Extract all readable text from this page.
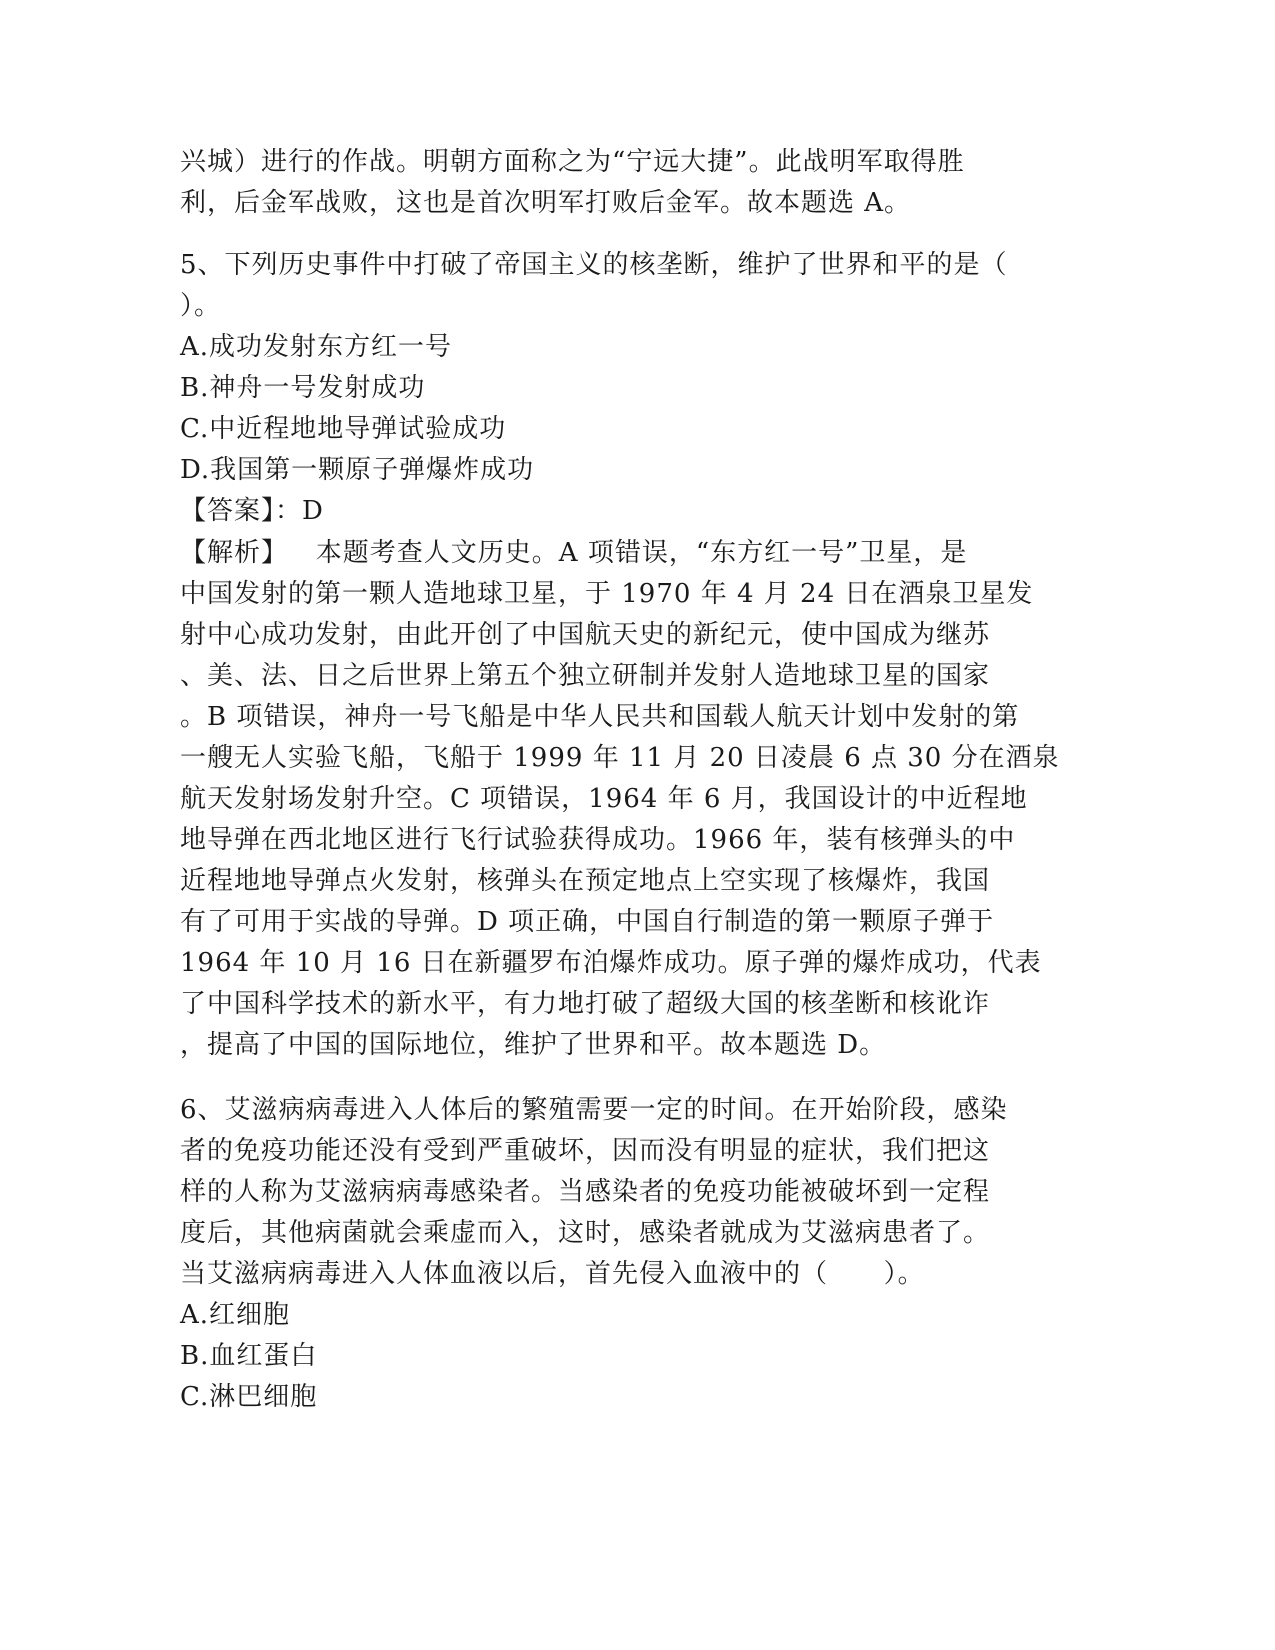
兴城）进行的作战。明朝方面称之为“宁远大捷”。此战明军取得胜
利，后金军战败，这也是首次明军打败后金军。故本题选 A。
5、下列历史事件中打破了帝国主义的核垄断，维护了世界和平的是（
）。
A.成功发射东方红一号
B.神舟一号发射成功
C.中近程地地导弹试验成功
D.我国第一颗原子弹爆炸成功
【答案】：D
【解析】   本题考查人文历史。A 项错误，“东方红一号”卫星，是
中国发射的第一颗人造地球卫星，于 1970 年 4 月 24 日在酒泉卫星发
射中心成功发射，由此开创了中国航天史的新纪元，使中国成为继苏
、美、法、日之后世界上第五个独立研制并发射人造地球卫星的国家
。B 项错误，神舟一号飞船是中华人民共和国载人航天计划中发射的第
一艘无人实验飞船，飞船于 1999 年 11 月 20 日凌晨 6 点 30 分在酒泉
航天发射场发射升空。C 项错误，1964 年 6 月，我国设计的中近程地
地导弹在西北地区进行飞行试验获得成功。1966 年，装有核弹头的中
近程地地导弹点火发射，核弹头在预定地点上空实现了核爆炸，我国
有了可用于实战的导弹。D 项正确，中国自行制造的第一颗原子弹于
1964 年 10 月 16 日在新疆罗布泊爆炸成功。原子弹的爆炸成功，代表
了中国科学技术的新水平，有力地打破了超级大国的核垄断和核讹诈
，提高了中国的国际地位，维护了世界和平。故本题选 D。
6、艾滋病病毒进入人体后的繁殖需要一定的时间。在开始阶段，感染
者的免疫功能还没有受到严重破坏，因而没有明显的症状，我们把这
样的人称为艾滋病病毒感染者。当感染者的免疫功能被破坏到一定程
度后，其他病菌就会乘虚而入，这时，感染者就成为艾滋病患者了。
当艾滋病病毒进入人体血液以后，首先侵入血液中的（      ）。
A.红细胞
B.血红蛋白
C.淋巴细胞
